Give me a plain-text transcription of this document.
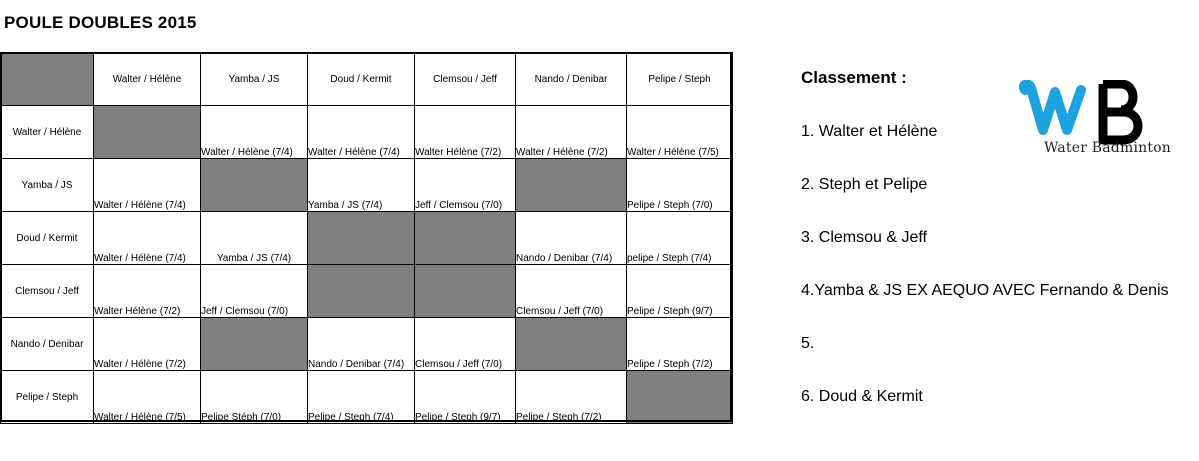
POULE DOUBLES 2015
	Walter / Hélène	Yamba / JS	Doud / Kermit	Clemsou / Jeff	Nando / Denibar	Pelipe / Steph
Walter / Hélène		Walter / Hélène (7/4)	Walter / Hélène (7/4)	Walter Hélène (7/2)	Walter / Hélène (7/2)	Walter / Hélène (7/5)
Yamba / JS	Walter / Hélène (7/4)		Yamba / JS (7/4)	Jeff / Clemsou (7/0)		Pelipe / Steph (7/0)
Doud / Kermit	Walter / Hélène (7/4)	Yamba / JS (7/4)			Nando / Denibar (7/4)	pelipe / Steph (7/4)
Clemsou / Jeff	Walter Hélène (7/2)	Jeff / Clemsou (7/0)			Clemsou / Jeff (7/0)	Pelipe / Steph (9/7)
Nando / Denibar	Walter / Hélène (7/2)		Nando / Denibar (7/4)	Clemsou / Jeff (7/0)		Pelipe / Steph (7/2)
Pelipe / Steph	Walter / Hélène (7/5)	Pelipe Stéph (7/0)	Pelipe / Steph (7/4)	Pelipe / Steph (9/7)	Pelipe / Steph (7/2)	
Classement :
1. Walter et Hélène
2. Steph et Pelipe
3. Clemsou & Jeff
4.Yamba & JS EX AEQUO AVEC Fernando & Denis
5.
6. Doud & Kermit
Water Badminton
